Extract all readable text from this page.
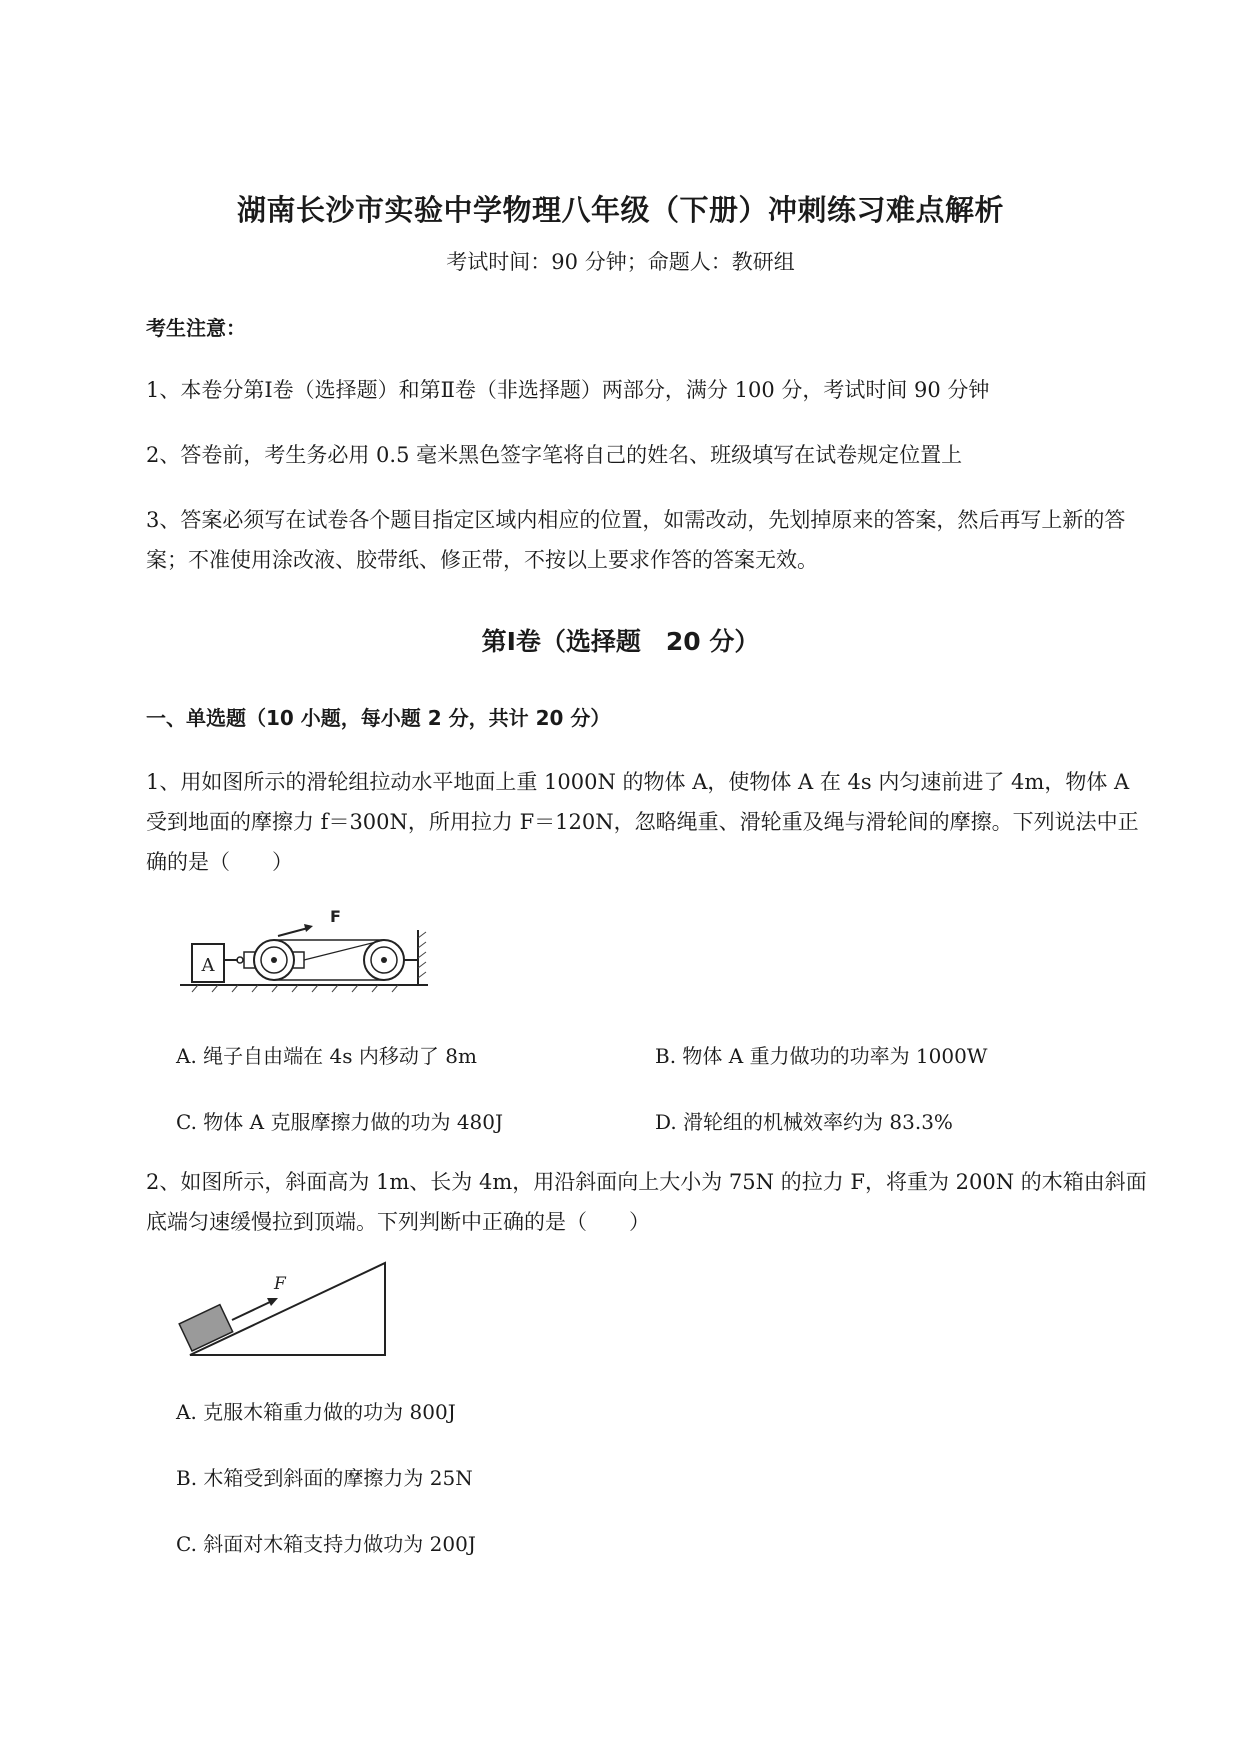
湖南长沙市实验中学物理八年级（下册）冲刺练习难点解析
考试时间：90 分钟；命题人：教研组
考生注意：
1、本卷分第Ⅰ卷（选择题）和第Ⅱ卷（非选择题）两部分，满分 100 分，考试时间 90 分钟
2、答卷前，考生务必用 0.5 毫米黑色签字笔将自己的姓名、班级填写在试卷规定位置上
3、答案必须写在试卷各个题目指定区域内相应的位置，如需改动，先划掉原来的答案，然后再写上新的答案；不准使用涂改液、胶带纸、修正带，不按以上要求作答的答案无效。
第Ⅰ卷（选择题　20 分）
一、单选题（10 小题，每小题 2 分，共计 20 分）
1、用如图所示的滑轮组拉动水平地面上重 1000N 的物体 A，使物体 A 在 4s 内匀速前进了 4m，物体 A 受到地面的摩擦力 f＝300N，所用拉力 F＝120N，忽略绳重、滑轮重及绳与滑轮间的摩擦。下列说法中正确的是（　　）
A
F
A. 绳子自由端在 4s 内移动了 8m	B. 物体 A 重力做功的功率为 1000W
C. 物体 A 克服摩擦力做的功为 480J	D. 滑轮组的机械效率约为 83.3%
2、如图所示，斜面高为 1m、长为 4m，用沿斜面向上大小为 75N 的拉力 F，将重为 200N 的木箱由斜面底端匀速缓慢拉到顶端。下列判断中正确的是（　　）
F
A. 克服木箱重力做的功为 800J
B. 木箱受到斜面的摩擦力为 25N
C. 斜面对木箱支持力做功为 200J
